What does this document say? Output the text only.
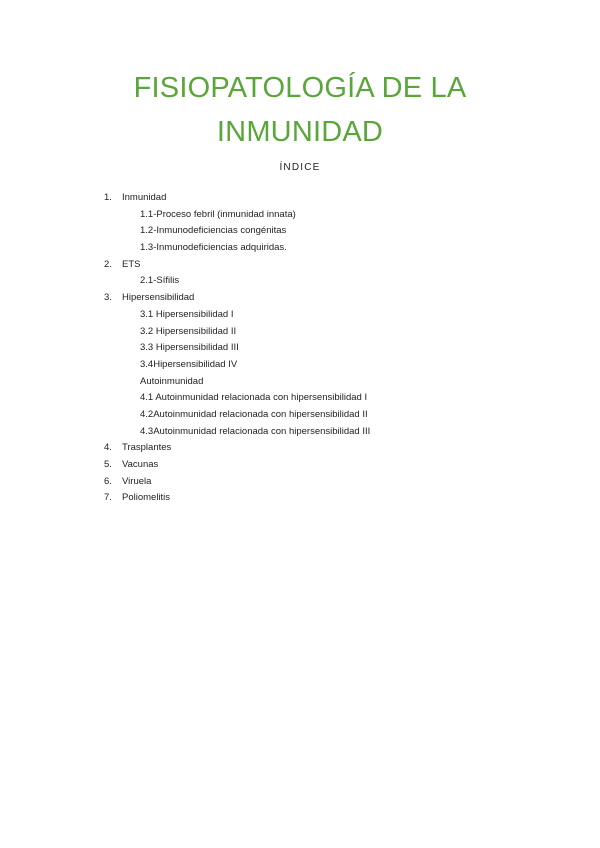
FISIOPATOLOGÍA DE LA
INMUNIDAD
ÍNDICE
1. Inmunidad
1.1-Proceso febril (inmunidad innata)
1.2-Inmunodeficiencias congénitas
1.3-Inmunodeficiencias adquiridas.
2. ETS
2.1-Sífilis
3. Hipersensibilidad
3.1 Hipersensibilidad I
3.2 Hipersensibilidad II
3.3 Hipersensibilidad III
3.4Hipersensibilidad IV
Autoinmunidad
4.1 Autoinmunidad relacionada con hipersensibilidad I
4.2Autoinmunidad relacionada con hipersensibilidad II
4.3Autoinmunidad relacionada con hipersensibilidad III
4. Trasplantes
5. Vacunas
6. Viruela
7. Poliomelitis
